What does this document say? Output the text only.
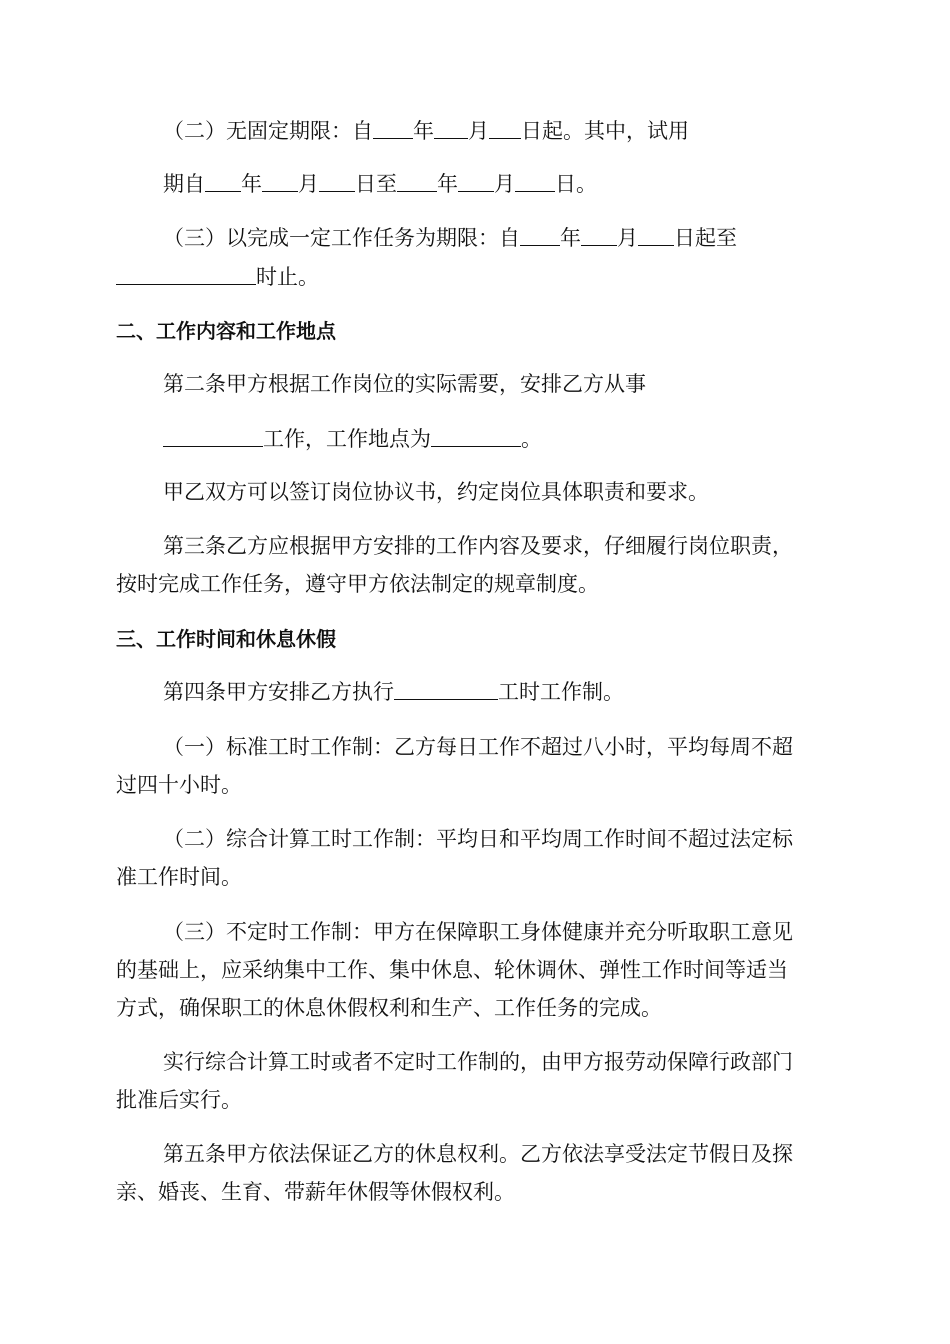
（二）无固定期限：自 年 月 日起。其中，试用
期自 年 月 日至 年 月 日。
（三）以完成一定工作任务为期限：自 年 月 日起至
时止。
二、工作内容和工作地点
第二条甲方根据工作岗位的实际需要，安排乙方从事
工作，工作地点为	。
甲乙双方可以签订岗位协议书，约定岗位具体职责和要求。
第三条乙方应根据甲方安排的工作内容及要求，仔细履行岗位职责，
按时完成工作任务，遵守甲方依法制定的规章制度。
三、工作时间和休息休假
第四条甲方安排乙方执行	工时工作制。
（一）标准工时工作制：乙方每日工作不超过八小时，平均每周不超
过四十小时。
（二）综合计算工时工作制：平均日和平均周工作时间不超过法定标
准工作时间。
（三）不定时工作制：甲方在保障职工身体健康并充分听取职工意见
的基础上，应采纳集中工作、集中休息、轮休调休、弹性工作时间等适当
方式，确保职工的休息休假权利和生产、工作任务的完成。
实行综合计算工时或者不定时工作制的，由甲方报劳动保障行政部门
批准后实行。
第五条甲方依法保证乙方的休息权利。乙方依法享受法定节假日及探
亲、婚丧、生育、带薪年休假等休假权利。
